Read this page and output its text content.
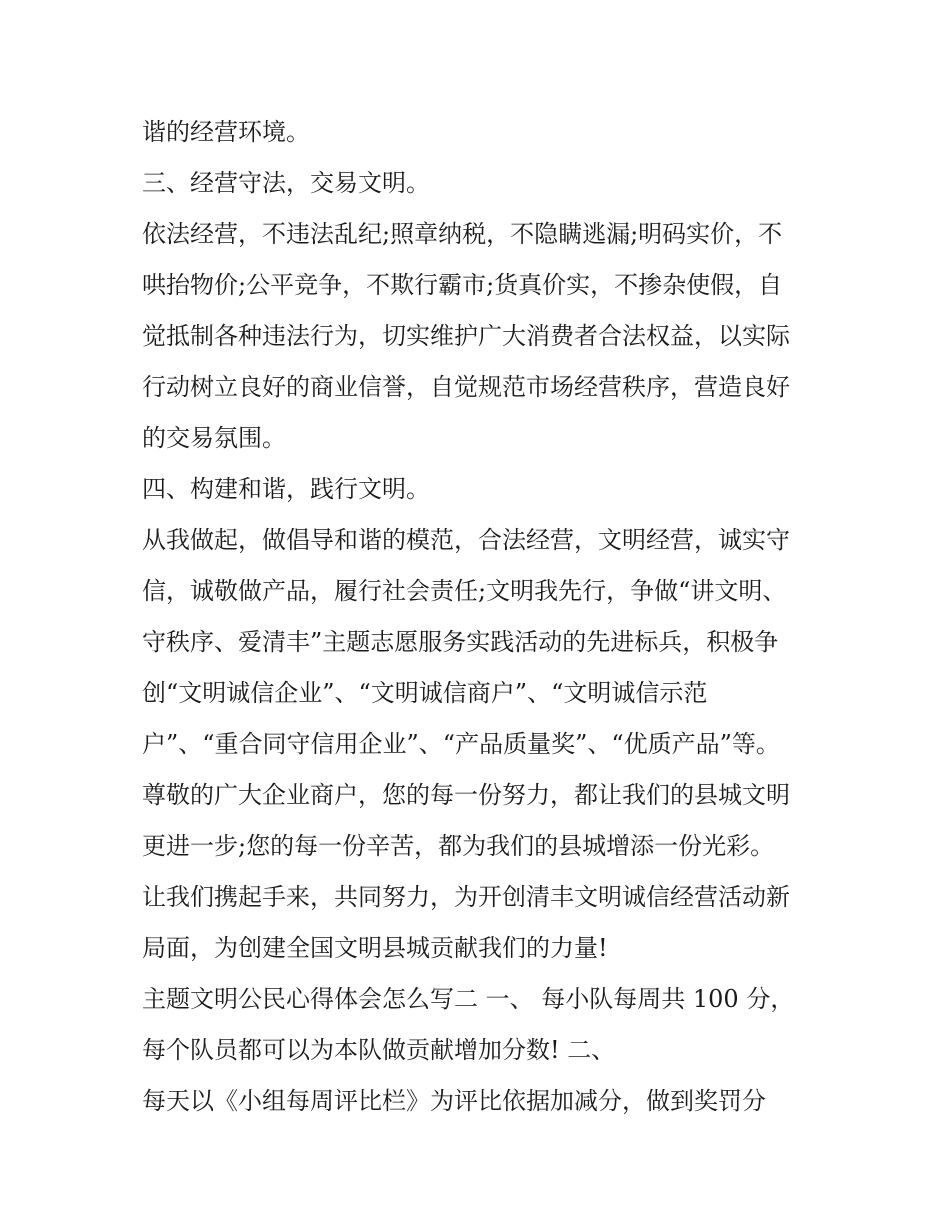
谐的经营环境。

三、经营守法，交易文明。

依法经营，不违法乱纪;照章纳税，不隐瞒逃漏;明码实价，不

哄抬物价;公平竞争，不欺行霸市;货真价实，不掺杂使假，自

觉抵制各种违法行为，切实维护广大消费者合法权益，以实际

行动树立良好的商业信誉，自觉规范市场经营秩序，营造良好

的交易氛围。

四、构建和谐，践行文明。

从我做起，做倡导和谐的模范，合法经营，文明经营，诚实守

信，诚敬做产品，履行社会责任;文明我先行，争做“讲文明、

守秩序、爱清丰”主题志愿服务实践活动的先进标兵，积极争

创“文明诚信企业”、“文明诚信商户”、“文明诚信示范

户”、“重合同守信用企业”、“产品质量奖”、“优质产品”等。

尊敬的广大企业商户，您的每一份努力，都让我们的县城文明

更进一步;您的每一份辛苦，都为我们的县城增添一份光彩。

让我们携起手来，共同努力，为开创清丰文明诚信经营活动新

局面，为创建全国文明县城贡献我们的力量!

主题文明公民心得体会怎么写二 一、 每小队每周共 100 分，

每个队员都可以为本队做贡献增加分数! 二、

每天以《小组每周评比栏》为评比依据加减分，做到奖罚分
